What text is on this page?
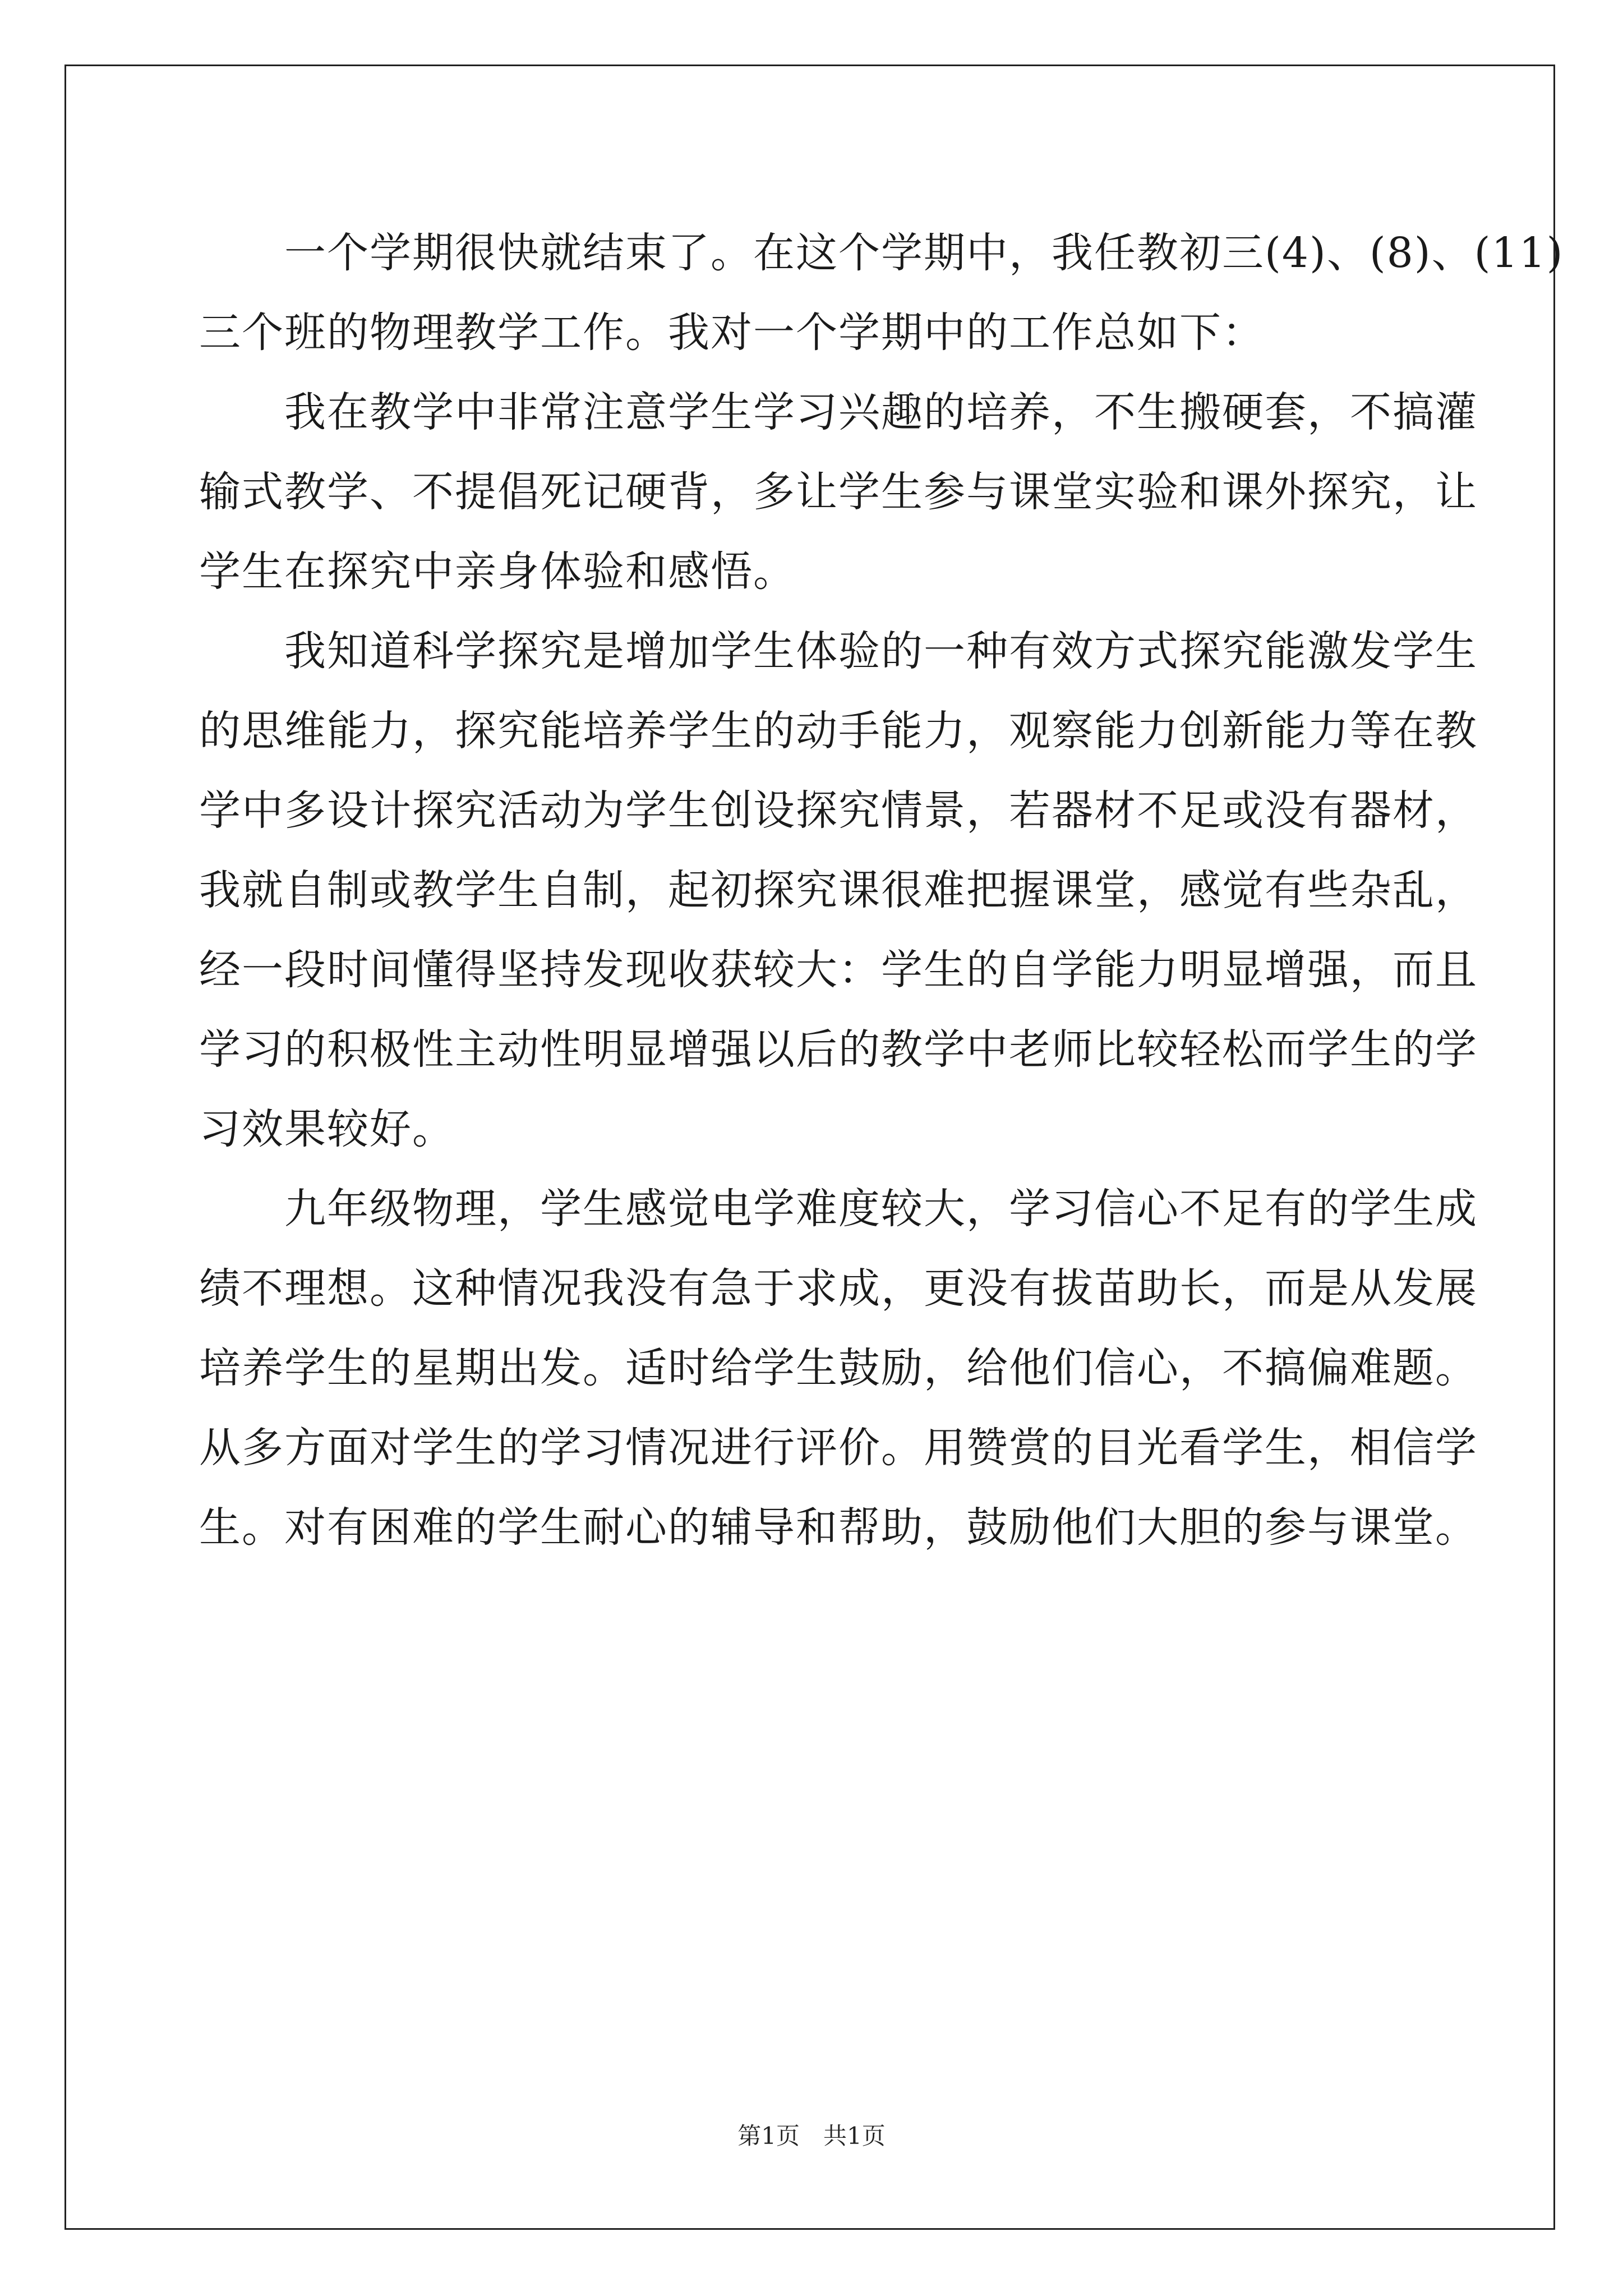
　　一个学期很快就结束了。在这个学期中，我任教初三(4)、(8)、(11)
三个班的物理教学工作。我对一个学期中的工作总如下：
　　我在教学中非常注意学生学习兴趣的培养，不生搬硬套，不搞灌
输式教学、不提倡死记硬背，多让学生参与课堂实验和课外探究，让
学生在探究中亲身体验和感悟。
　　我知道科学探究是增加学生体验的一种有效方式探究能激发学生
的思维能力，探究能培养学生的动手能力，观察能力创新能力等在教
学中多设计探究活动为学生创设探究情景，若器材不足或没有器材，
我就自制或教学生自制，起初探究课很难把握课堂，感觉有些杂乱，
经一段时间懂得坚持发现收获较大：学生的自学能力明显增强，而且
学习的积极性主动性明显增强以后的教学中老师比较轻松而学生的学
习效果较好。
　　九年级物理，学生感觉电学难度较大，学习信心不足有的学生成
绩不理想。这种情况我没有急于求成，更没有拔苗助长，而是从发展
培养学生的星期出发。适时给学生鼓励，给他们信心，不搞偏难题。
从多方面对学生的学习情况进行评价。用赞赏的目光看学生，相信学
生。对有困难的学生耐心的辅导和帮助，鼓励他们大胆的参与课堂。
第1页　共1页
